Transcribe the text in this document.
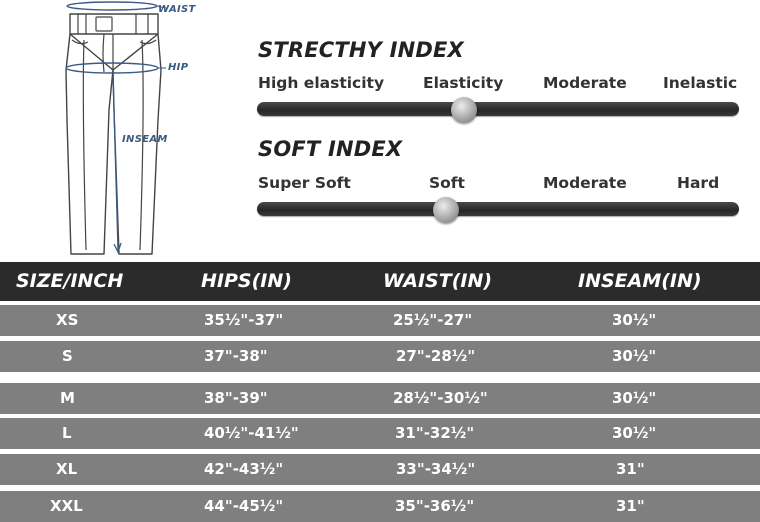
WAIST
HIP
INSEAM
STRECTHY INDEX
High elasticity	Elasticity	Moderate Inelastic
SOFT INDEX
Super Soft	Soft	Moderate	Hard
SIZE/INCH	HIPS(IN)	WAIST(IN)	INSEAM(IN)
XS	35½"-37"	25½"-27"	30½"
S	37"-38"	27"-28½"	30½"
M	38"-39"	28½"-30½"	30½"
L	40½"-41½"	31"-32½"	30½"
XL	42"-43½"	33"-34½"	31"
XXL	44"-45½"	35"-36½"	31"
